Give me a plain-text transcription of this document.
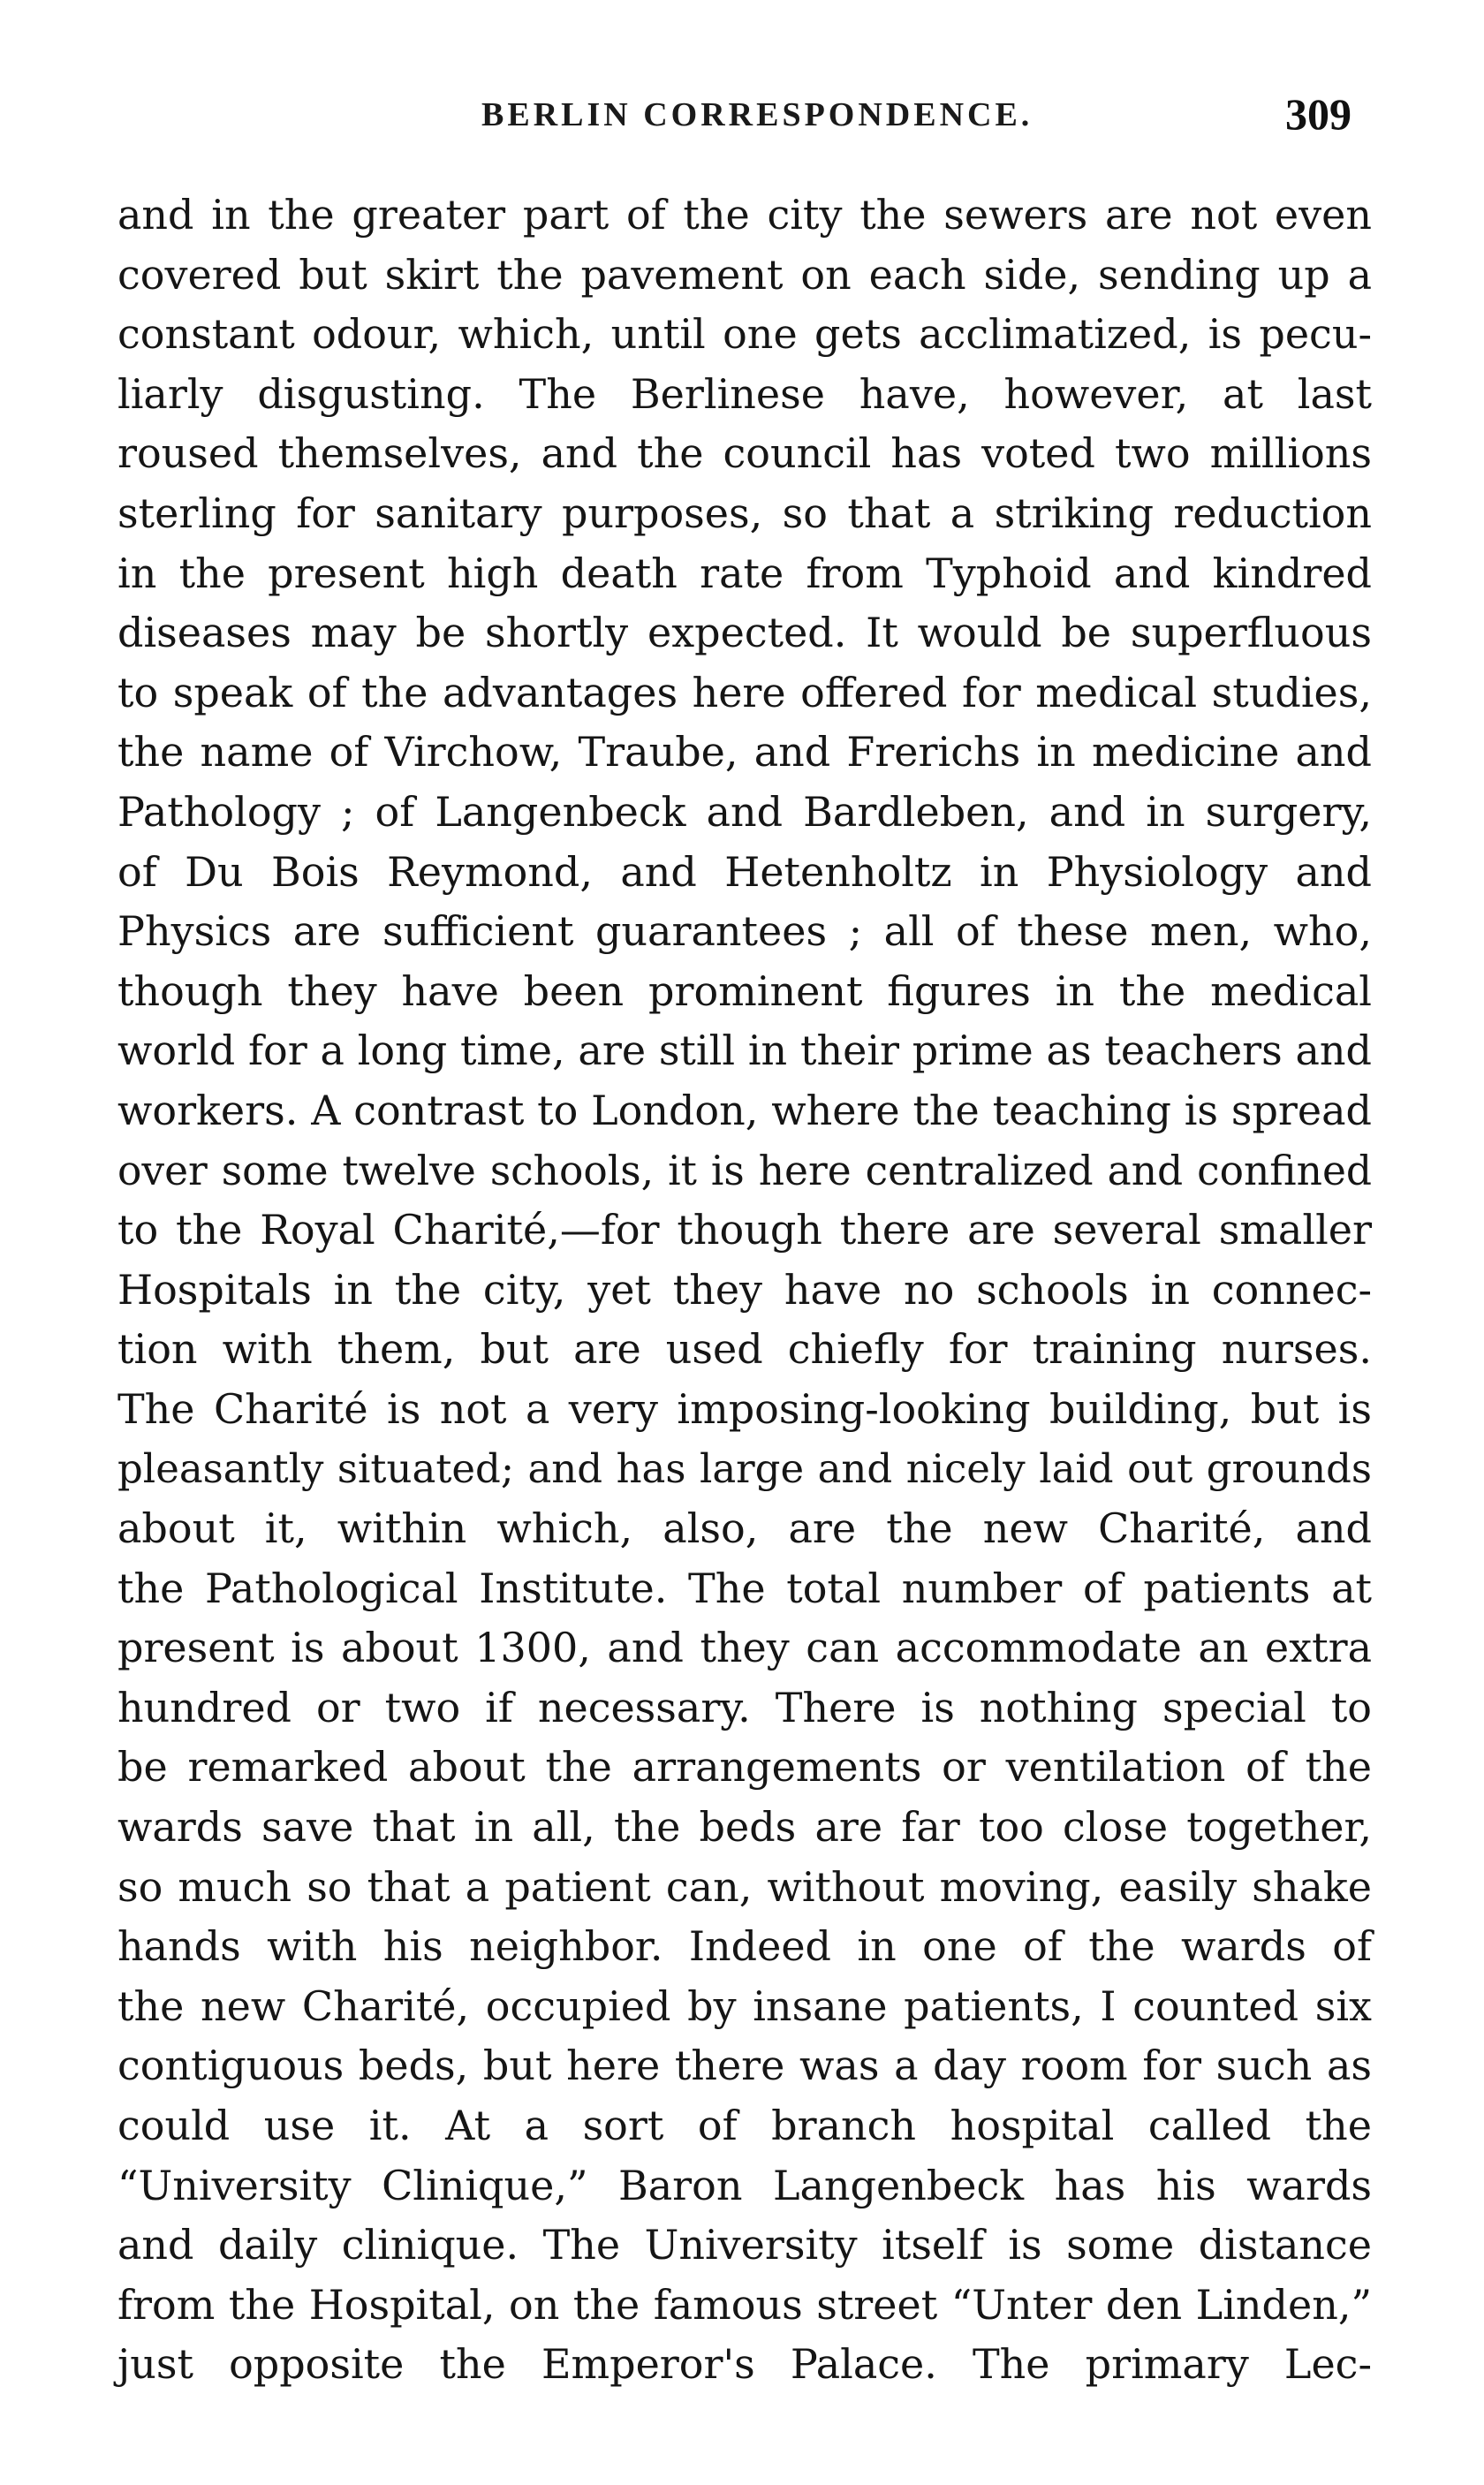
BERLIN CORRESPONDENCE.	309
and in the greater part of the city the sewers are not even
covered but skirt the pavement on each side, sending up a
constant odour, which, until one gets acclimatized, is pecu-
liarly disgusting. The Berlinese have, however, at last
roused themselves, and the council has voted two millions
sterling for sanitary purposes, so that a striking reduction
in the present high death rate from Typhoid and kindred
diseases may be shortly expected. It would be superfluous
to speak of the advantages here offered for medical studies,
the name of Virchow, Traube, and Frerichs in medicine and
Pathology ; of Langenbeck and Bardleben, and in surgery,
of Du Bois Reymond, and Hetenholtz in Physiology and
Physics are sufficient guarantees ; all of these men, who,
though they have been prominent figures in the medical
world for a long time, are still in their prime as teachers and
workers. A contrast to London, where the teaching is spread
over some twelve schools, it is here centralized and confined
to the Royal Charité,—for though there are several smaller
Hospitals in the city, yet they have no schools in connec-
tion with them, but are used chiefly for training nurses.
The Charité is not a very imposing-looking building, but is
pleasantly situated; and has large and nicely laid out grounds
about it, within which, also, are the new Charité, and
the Pathological Institute. The total number of patients at
present is about 1300, and they can accommodate an extra
hundred or two if necessary. There is nothing special to
be remarked about the arrangements or ventilation of the
wards save that in all, the beds are far too close together,
so much so that a patient can, without moving, easily shake
hands with his neighbor. Indeed in one of the wards of
the new Charité, occupied by insane patients, I counted six
contiguous beds, but here there was a day room for such as
could use it. At a sort of branch hospital called the
“University Clinique,” Baron Langenbeck has his wards
and daily clinique. The University itself is some distance
from the Hospital, on the famous street “Unter den Linden,”
just opposite the Emperor's Palace. The primary Lec-
